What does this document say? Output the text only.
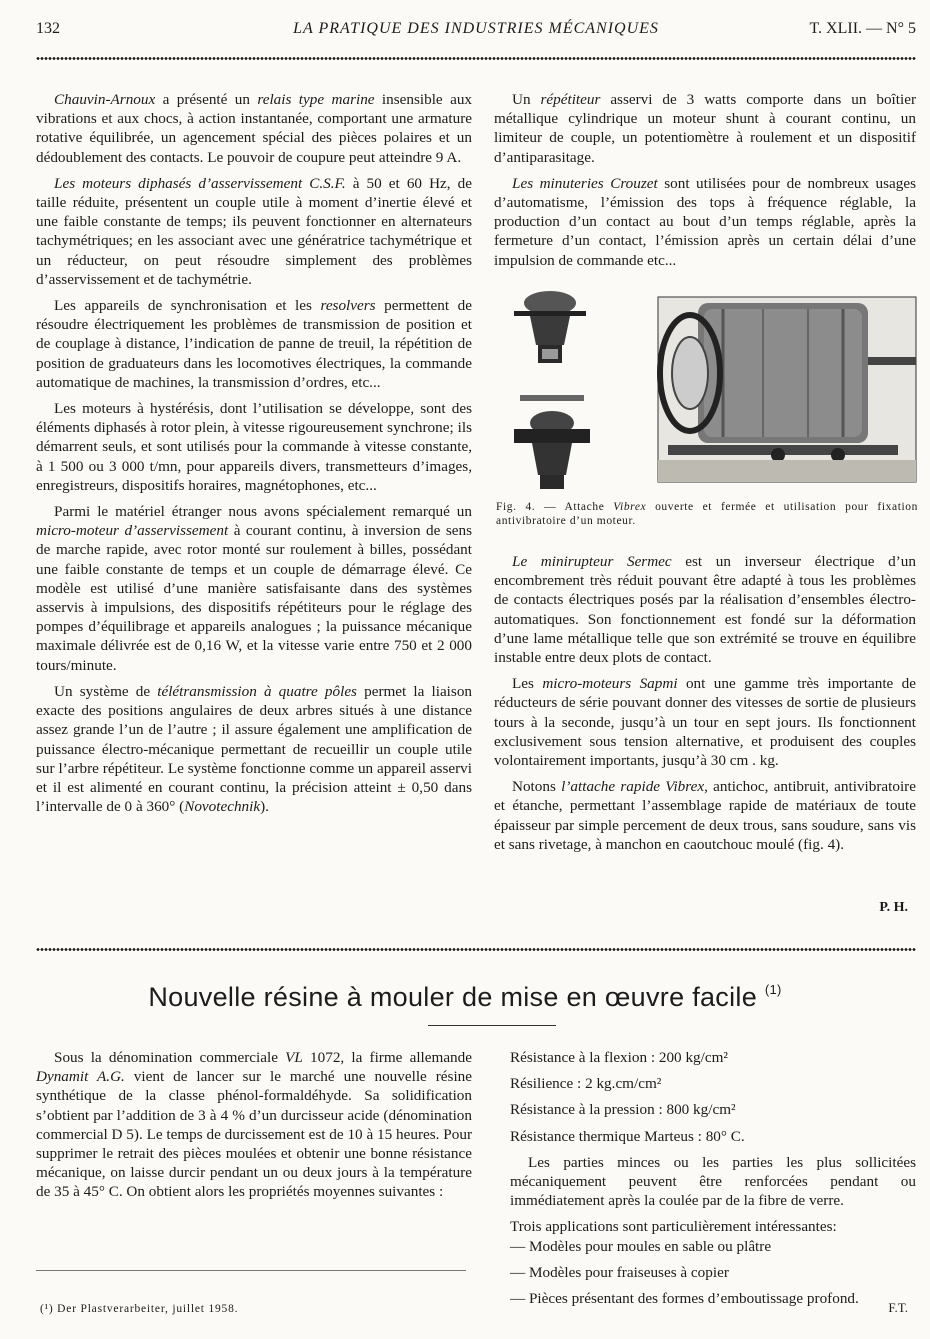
132	LA PRATIQUE DES INDUSTRIES MÉCANIQUES	T. XLII. — N° 5

Chauvin-Arnoux a présenté un relais type marine insensible aux vibrations et aux chocs, à action instantanée, comportant une armature rotative équilibrée, un agencement spécial des pièces polaires et un dédoublement des contacts. Le pouvoir de coupure peut atteindre 9 A.

Les moteurs diphasés d’asservissement C.S.F. à 50 et 60 Hz, de taille réduite, présentent un couple utile à moment d’inertie élevé et une faible constante de temps; ils peuvent fonctionner en alternateurs tachymétriques; en les associant avec une génératrice tachymétrique et un réducteur, on peut résoudre simplement des problèmes d’asservissement et de tachymétrie.

Les appareils de synchronisation et les resolvers permettent de résoudre électriquement les problèmes de transmission de position et de couplage à distance, l’indication de panne de treuil, la répétition de position de graduateurs dans les locomotives électriques, la commande automatique de machines, la transmission d’ordres, etc...

Les moteurs à hystérésis, dont l’utilisation se développe, sont des éléments diphasés à rotor plein, à vitesse rigoureusement synchrone; ils démarrent seuls, et sont utilisés pour la commande à vitesse constante, à 1 500 ou 3 000 t/mn, pour appareils divers, transmetteurs d’images, enregistreurs, dispositifs horaires, magnétophones, etc...

Parmi le matériel étranger nous avons spécialement remarqué un micro-moteur d’asservissement à courant continu, à inversion de sens de marche rapide, avec rotor monté sur roulement à billes, possédant une faible constante de temps et un couple de démarrage élevé. Ce modèle est utilisé d’une manière satisfaisante dans des systèmes asservis à impulsions, des dispositifs répétiteurs pour le réglage des pompes d’équilibrage et appareils analogues ; la puissance mécanique maximale délivrée est de 0,16 W, et la vitesse varie entre 750 et 2 000 tours/minute.

Un système de télétransmission à quatre pôles permet la liaison exacte des positions angulaires de deux arbres situés à une distance assez grande l’un de l’autre ; il assure également une amplification de puissance électro-mécanique permettant de recueillir un couple utile sur l’arbre répétiteur. Le système fonctionne comme un appareil asservi et il est alimenté en courant continu, la précision atteint ± 0,50 dans l’intervalle de 0 à 360° (Novotechnik).

Un répétiteur asservi de 3 watts comporte dans un boîtier métallique cylindrique un moteur shunt à courant continu, un limiteur de couple, un potentiomètre à roulement et un dispositif d’antiparasitage.

Les minuteries Crouzet sont utilisées pour de nombreux usages d’automatisme, l’émission des tops à fréquence réglable, la production d’un contact au bout d’un temps réglable, après la fermeture d’un contact, l’émission après un certain délai d’une impulsion de commande etc...

Fig. 4. — Attache Vibrex ouverte et fermée et utilisation pour fixation antivibratoire d’un moteur.

Le minirupteur Sermec est un inverseur électrique d’un encombrement très réduit pouvant être adapté à tous les problèmes de contacts électriques posés par la réalisation d’ensembles électro-automatiques. Son fonctionnement est fondé sur la déformation d’une lame métallique telle que son extrémité se trouve en équilibre instable entre deux plots de contact.

Les micro-moteurs Sapmi ont une gamme très importante de réducteurs de série pouvant donner des vitesses de sortie de plusieurs tours à la seconde, jusqu’à un tour en sept jours. Ils fonctionnent exclusivement sous tension alternative, et produisent des couples volontairement importants, jusqu’à 30 cm . kg.

Notons l’attache rapide Vibrex, antichoc, antibruit, antivibratoire et étanche, permettant l’assemblage rapide de matériaux de toute épaisseur par simple percement de deux trous, sans soudure, sans vis et sans rivetage, à manchon en caoutchouc moulé (fig. 4).

P. H.
Nouvelle résine à mouler de mise en œuvre facile $^{(1)}$

Sous la dénomination commerciale VL 1072, la firme allemande Dynamit A.G. vient de lancer sur le marché une nouvelle résine synthétique de la classe phénol-formaldéhyde. Sa solidification s’obtient par l’addition de 3 à 4 % d’un durcisseur acide (dénomination commercial D 5). Le temps de durcissement est de 10 à 15 heures. Pour supprimer le retrait des pièces moulées et obtenir une bonne résistance mécanique, on laisse durcir pendant un ou deux jours à la température de 35 à 45° C. On obtient alors les propriétés moyennes suivantes :

Résistance à la flexion : 200 kg/cm²

Résilience : 2 kg.cm/cm²

Résistance à la pression : 800 kg/cm²

Résistance thermique Marteus : 80° C.

Les parties minces ou les parties les plus sollicitées mécaniquement peuvent être renforcées pendant ou immédiatement après la coulée par de la fibre de verre.

Trois applications sont particulièrement intéressantes:

— Modèles pour moules en sable ou plâtre

— Modèles pour fraiseuses à copier

— Pièces présentant des formes d’emboutissage profond.

(¹) Der Plastverarbeiter, juillet 1958.	F.T.
